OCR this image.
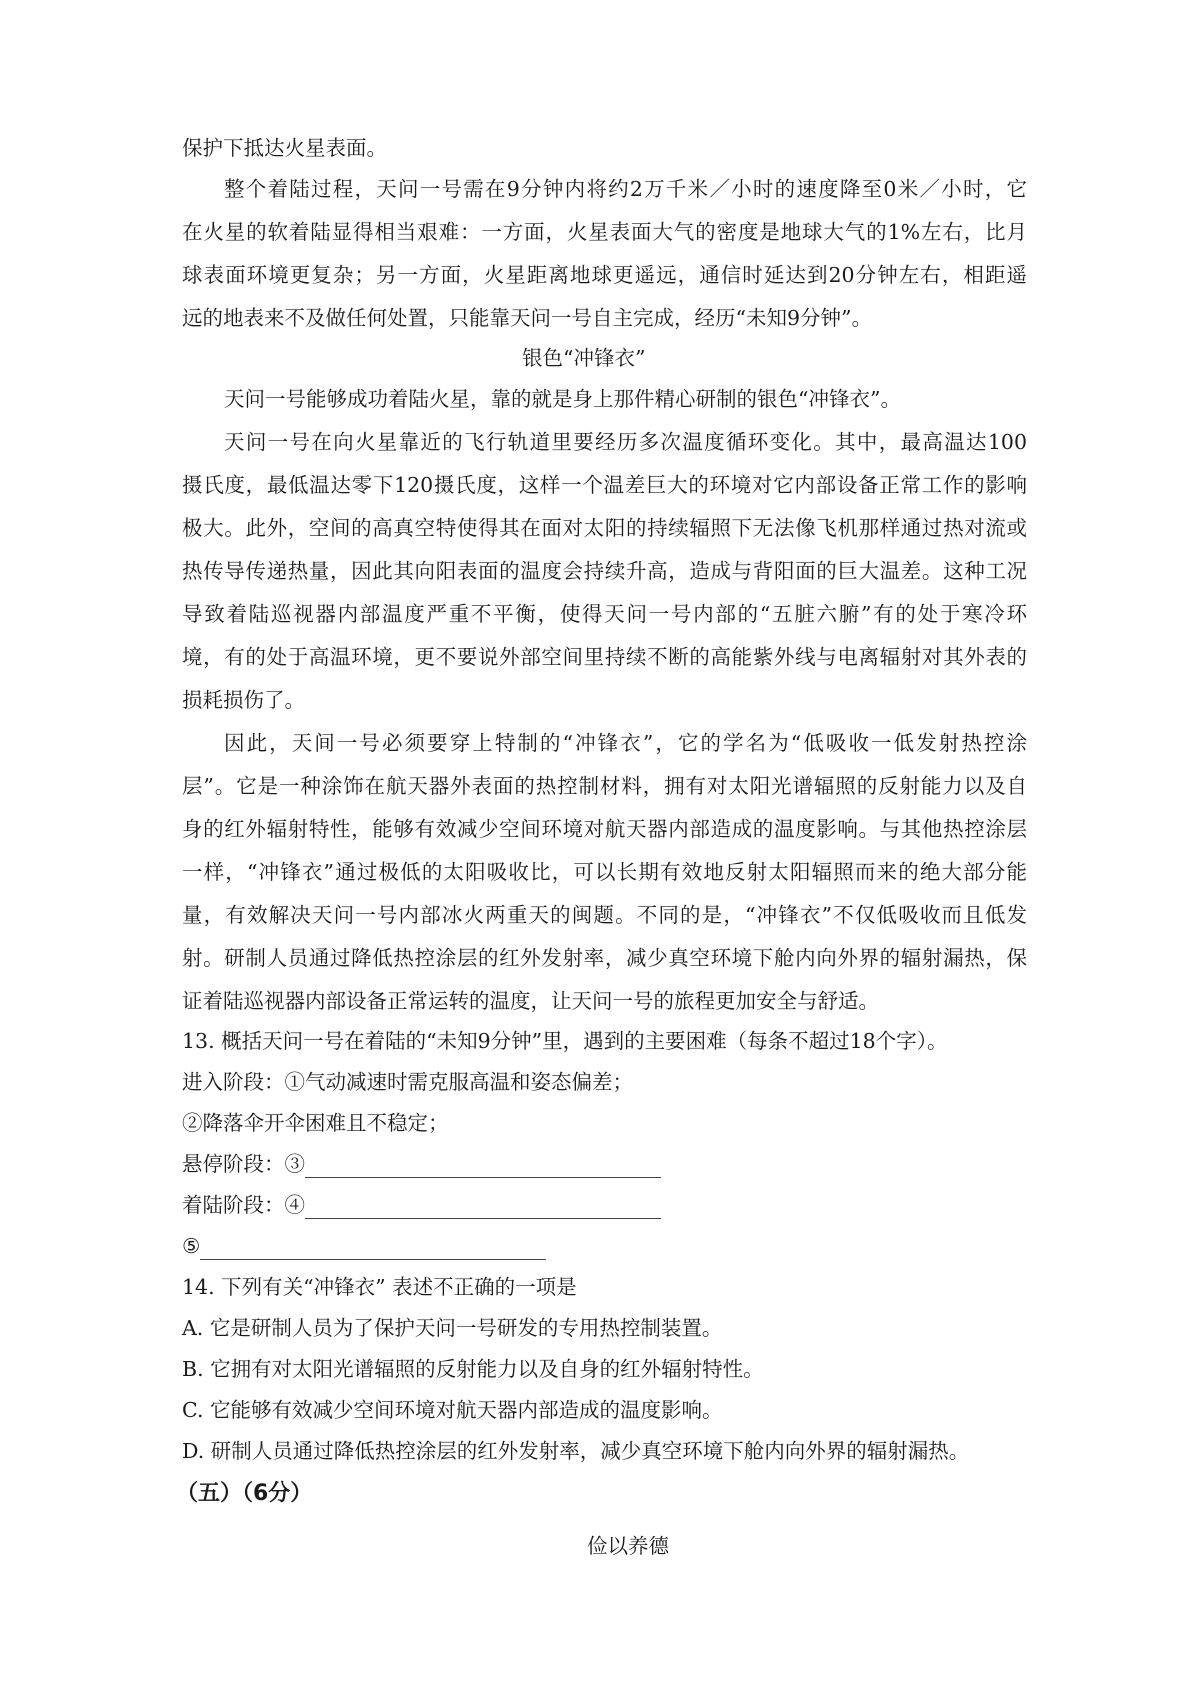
保护下抵达火星表面。
整个着陆过程，天问一号需在9分钟内将约2万千米／小时的速度降至0米／小时，它
在火星的软着陆显得相当艰难：一方面，火星表面大气的密度是地球大气的1%左右，比月
球表面环境更复杂；另一方面，火星距离地球更遥远，通信时延达到20分钟左右，相距遥
远的地表来不及做任何处置，只能靠天问一号自主完成，经历“未知9分钟”。
银色“冲锋衣”
天问一号能够成功着陆火星，靠的就是身上那件精心研制的银色“冲锋衣”。
天问一号在向火星靠近的飞行轨道里要经历多次温度循环变化。其中，最高温达100
摄氏度，最低温达零下120摄氏度，这样一个温差巨大的环境对它内部设备正常工作的影响
极大。此外，空间的高真空特使得其在面对太阳的持续辐照下无法像飞机那样通过热对流或
热传导传递热量，因此其向阳表面的温度会持续升高，造成与背阳面的巨大温差。这种工况
导致着陆巡视器内部温度严重不平衡，使得天问一号内部的“五脏六腑”有的处于寒冷环
境，有的处于高温环境，更不要说外部空间里持续不断的高能紫外线与电离辐射对其外表的
损耗损伤了。
因此，天间一号必须要穿上特制的“冲锋衣”，它的学名为“低吸收一低发射热控涂
层”。它是一种涂饰在航天器外表面的热控制材料，拥有对太阳光谱辐照的反射能力以及自
身的红外辐射特性，能够有效减少空间环境对航天器内部造成的温度影响。与其他热控涂层
一样，“冲锋衣”通过极低的太阳吸收比，可以长期有效地反射太阳辐照而来的绝大部分能
量，有效解决天问一号内部冰火两重天的闽题。不同的是，“冲锋衣”不仅低吸收而且低发
射。研制人员通过降低热控涂层的红外发射率，减少真空环境下舱内向外界的辐射漏热，保
证着陆巡视器内部设备正常运转的温度，让天问一号的旅程更加安全与舒适。
13. 概括天问一号在着陆的“未知9分钟”里，遇到的主要困难（每条不超过18个字）。
进入阶段：①气动减速时需克服高温和姿态偏差；
②降落伞开伞困难且不稳定；
悬停阶段：③
着陆阶段：④
⑤
14. 下列有关“冲锋衣” 表述不正确的一项是
A. 它是研制人员为了保护天问一号研发的专用热控制装置。
B. 它拥有对太阳光谱辐照的反射能力以及自身的红外辐射特性。
C. 它能够有效减少空间环境对航天器内部造成的温度影响。
D. 研制人员通过降低热控涂层的红外发射率，减少真空环境下舱内向外界的辐射漏热。
（五）（6分）
俭以养德
